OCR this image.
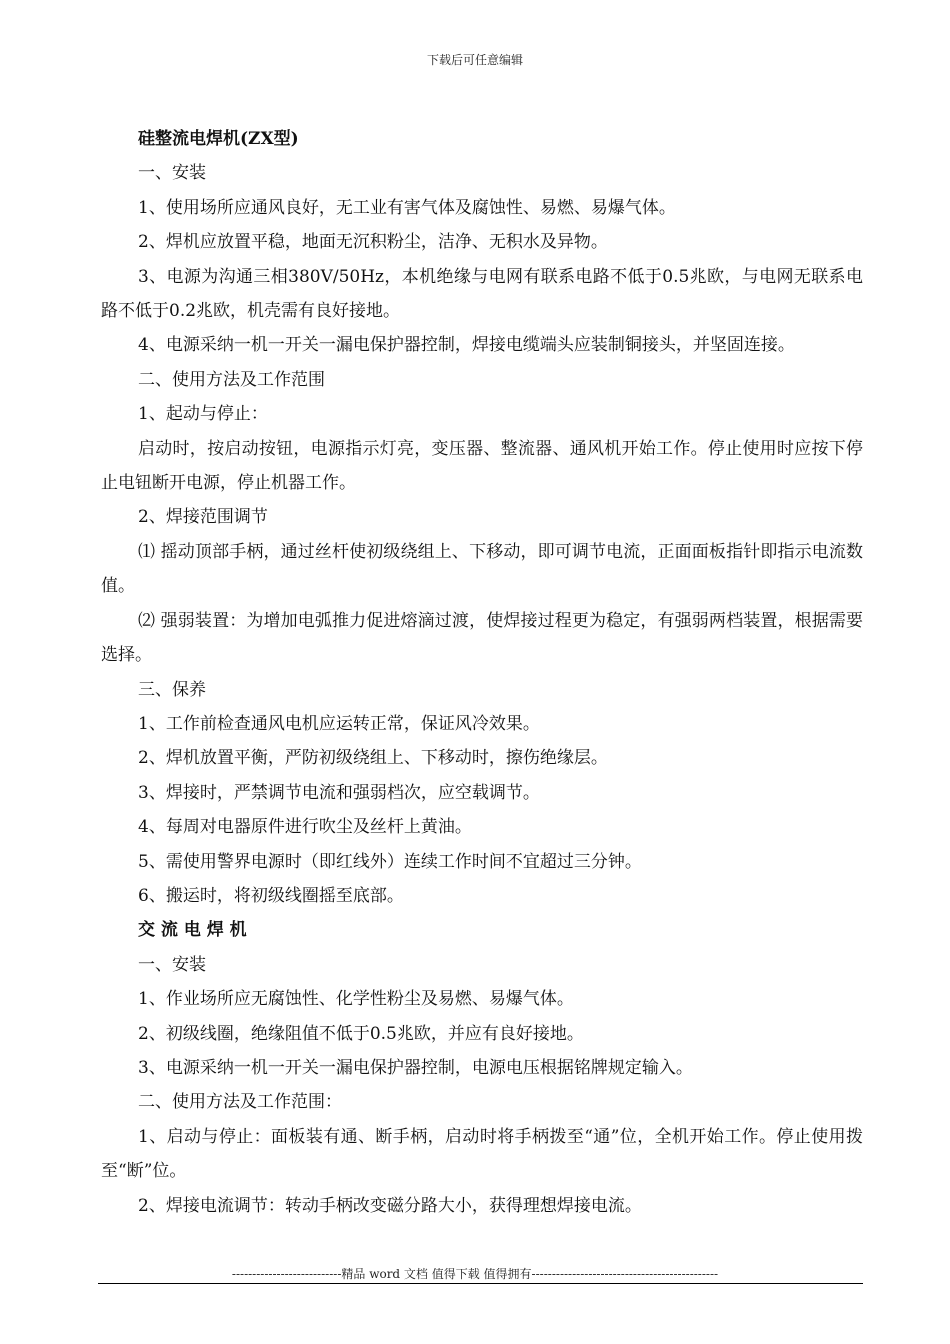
下载后可任意编辑
硅整流电焊机(ZX型)
一、安装
1、使用场所应通风良好，无工业有害气体及腐蚀性、易燃、易爆气体。
2、焊机应放置平稳，地面无沉积粉尘，洁净、无积水及异物。
3、电源为沟通三相380V/50Hz，本机绝缘与电网有联系电路不低于0.5兆欧，与电网无联系电路不低于0.2兆欧，机壳需有良好接地。
4、电源采纳一机一开关一漏电保护器控制，焊接电缆端头应装制铜接头，并坚固连接。
二、使用方法及工作范围
1、起动与停止：
启动时，按启动按钮，电源指示灯亮，变压器、整流器、通风机开始工作。停止使用时应按下停止电钮断开电源，停止机器工作。
2、焊接范围调节
⑴ 摇动顶部手柄，通过丝杆使初级绕组上、下移动，即可调节电流，正面面板指针即指示电流数值。
⑵ 强弱装置：为增加电弧推力促进熔滴过渡，使焊接过程更为稳定，有强弱两档装置，根据需要选择。
三、保养
1、工作前检查通风电机应运转正常，保证风冷效果。
2、焊机放置平衡，严防初级绕组上、下移动时，擦伤绝缘层。
3、焊接时，严禁调节电流和强弱档次，应空载调节。
4、每周对电器原件进行吹尘及丝杆上黄油。
5、需使用警界电源时（即红线外）连续工作时间不宜超过三分钟。
6、搬运时，将初级线圈摇至底部。
交 流 电 焊 机
一、安装
1、作业场所应无腐蚀性、化学性粉尘及易燃、易爆气体。
2、初级线圈，绝缘阻值不低于0.5兆欧，并应有良好接地。
3、电源采纳一机一开关一漏电保护器控制，电源电压根据铭牌规定输入。
二、使用方法及工作范围：
1、启动与停止：面板装有通、断手柄，启动时将手柄拨至“通”位，全机开始工作。停止使用拨至“断”位。
2、焊接电流调节：转动手柄改变磁分路大小，获得理想焊接电流。
---------------------------精品 word 文档 值得下载 值得拥有----------------------------------------------
